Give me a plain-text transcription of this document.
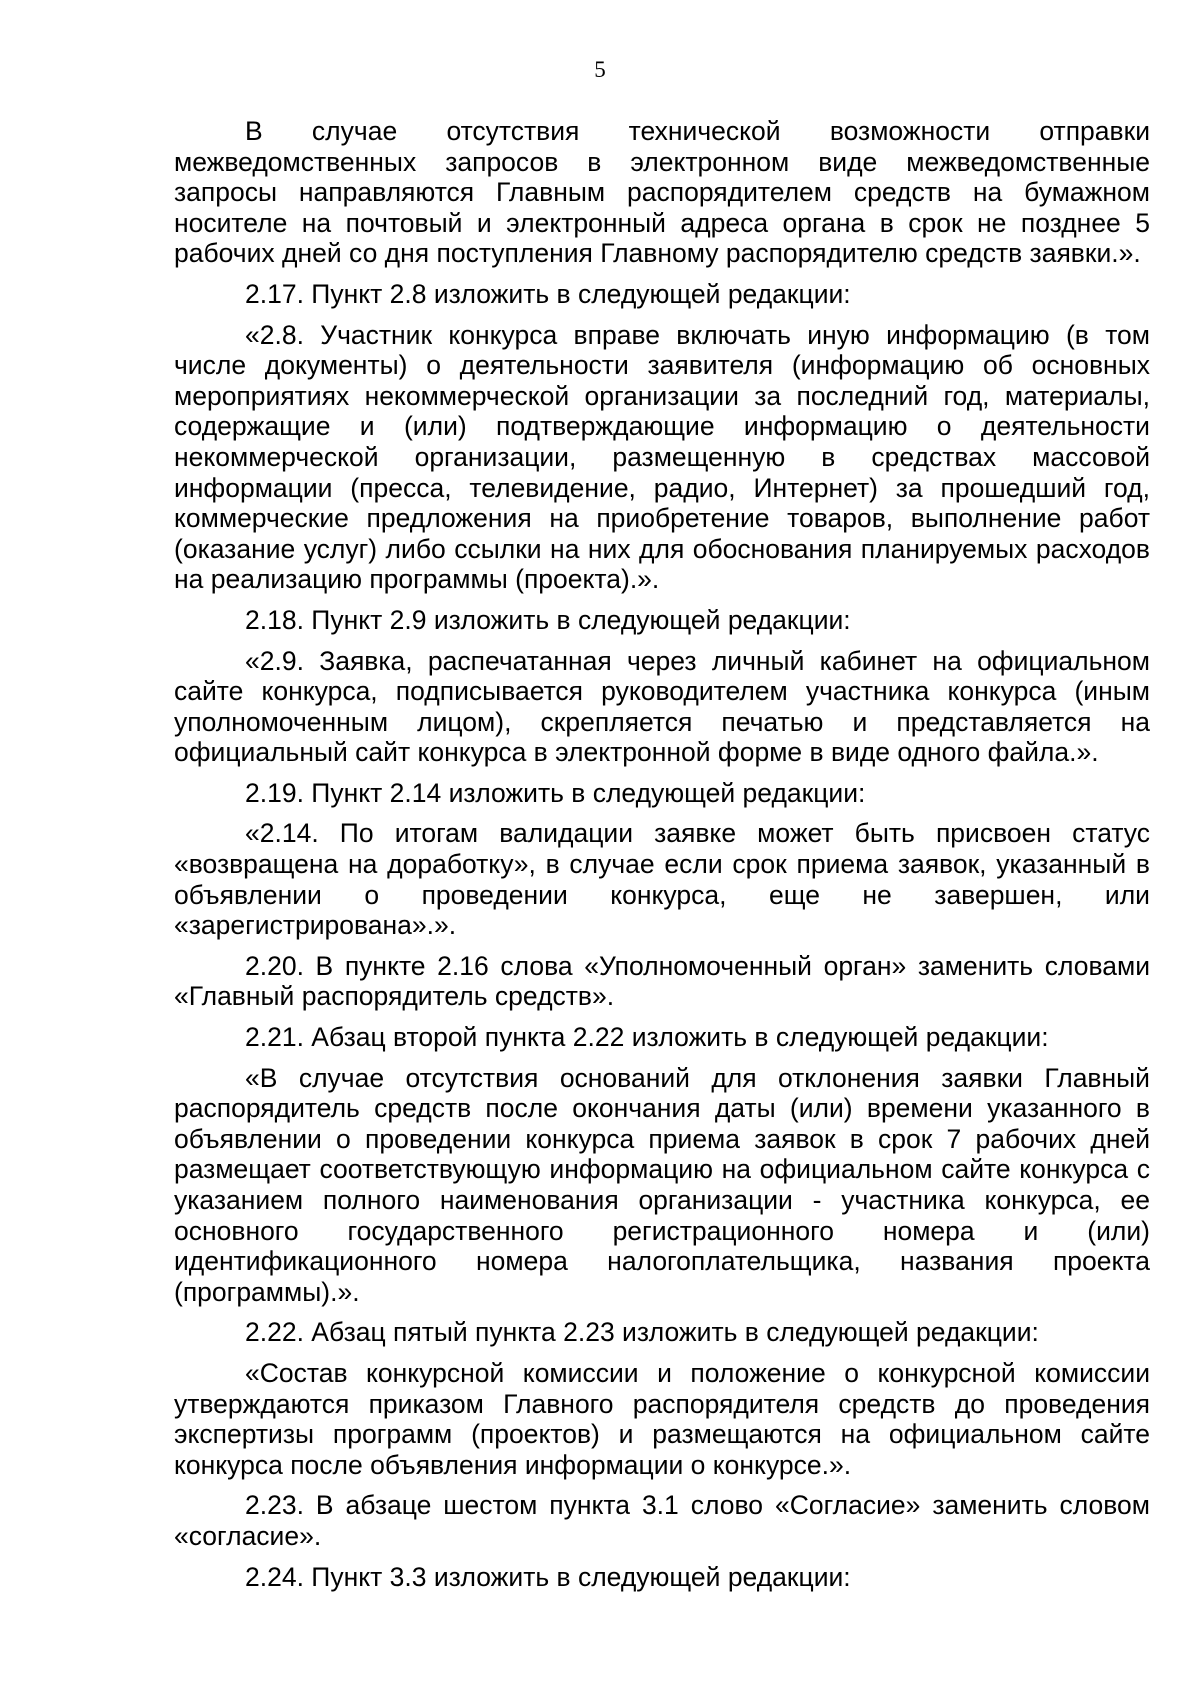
5

В случае отсутствия технической возможности отправки межведомственных запросов в электронном виде межведомственные запросы направляются Главным распорядителем средств на бумажном носителе на почтовый и электронный адреса органа в срок не позднее 5 рабочих дней со дня поступления Главному распорядителю средств заявки.».

2.17. Пункт 2.8 изложить в следующей редакции:

«2.8. Участник конкурса вправе включать иную информацию (в том числе документы) о деятельности заявителя (информацию об основных мероприятиях некоммерческой организации за последний год, материалы, содержащие и (или) подтверждающие информацию о деятельности некоммерческой организации, размещенную в средствах массовой информации (пресса, телевидение, радио, Интернет) за прошедший год, коммерческие предложения на приобретение товаров, выполнение работ (оказание услуг) либо ссылки на них для обоснования планируемых расходов на реализацию программы (проекта).».

2.18. Пункт 2.9 изложить в следующей редакции:

«2.9. Заявка, распечатанная через личный кабинет на официальном сайте конкурса, подписывается руководителем участника конкурса (иным уполномоченным лицом), скрепляется печатью и представляется на официальный сайт конкурса в электронной форме в виде одного файла.».

2.19. Пункт 2.14 изложить в следующей редакции:

«2.14. По итогам валидации заявке может быть присвоен статус «возвращена на доработку», в случае если срок приема заявок, указанный в объявлении о проведении конкурса, еще не завершен, или «зарегистрирована».».

2.20. В пункте 2.16 слова «Уполномоченный орган» заменить словами «Главный распорядитель средств».

2.21. Абзац второй пункта 2.22 изложить в следующей редакции:

«В случае отсутствия оснований для отклонения заявки Главный распорядитель средств после окончания даты (или) времени указанного в объявлении о проведении конкурса приема заявок в срок 7 рабочих дней размещает соответствующую информацию на официальном сайте конкурса с указанием полного наименования организации - участника конкурса, ее основного государственного регистрационного номера и (или) идентификационного номера налогоплательщика, названия проекта (программы).».

2.22. Абзац пятый пункта 2.23 изложить в следующей редакции:

«Состав конкурсной комиссии и положение о конкурсной комиссии утверждаются приказом Главного распорядителя средств до проведения экспертизы программ (проектов) и размещаются на официальном сайте конкурса после объявления информации о конкурсе.».

2.23. В абзаце шестом пункта 3.1 слово «Согласие» заменить словом «согласие».

2.24. Пункт 3.3 изложить в следующей редакции:
